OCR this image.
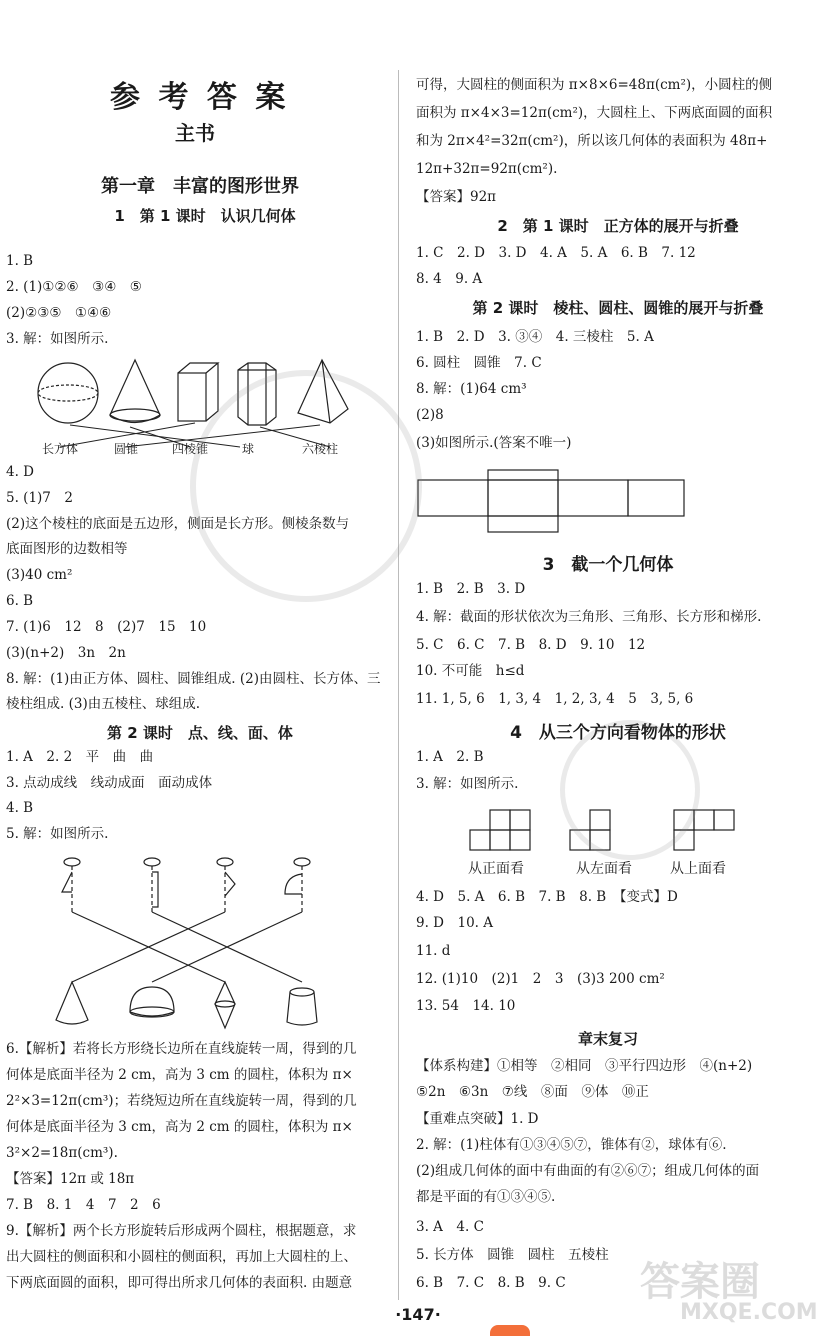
参 考 答 案
主书
第一章　丰富的图形世界
1　第 1 课时　认识几何体
1. B
2. (1)①②⑥　③④　⑤
(2)②③⑤　①④⑥
3. 解：如图所示.
长方体	圆锥	四棱锥	球	六棱柱
4. D
5. (1)7　2
(2)这个棱柱的底面是五边形，侧面是长方形。侧棱条数与
底面图形的边数相等
(3)40 cm²
6. B
7. (1)6　12　8　(2)7　15　10
(3)(n+2)　3n　2n
8. 解：(1)由正方体、圆柱、圆锥组成. (2)由圆柱、长方体、三
棱柱组成. (3)由五棱柱、球组成.
第 2 课时　点、线、面、体
1. A　2. 2　平　曲　曲
3. 点动成线　线动成面　面动成体
4. B
5. 解：如图所示.
6.【解析】若将长方形绕长边所在直线旋转一周，得到的几
何体是底面半径为 2 cm，高为 3 cm 的圆柱，体积为 π×
2²×3=12π(cm³)；若绕短边所在直线旋转一周，得到的几
何体是底面半径为 3 cm，高为 2 cm 的圆柱，体积为 π×
3²×2=18π(cm³).
【答案】12π 或 18π
7. B　8. 1　4　7　2　6
9.【解析】两个长方形旋转后形成两个圆柱，根据题意，求
出大圆柱的侧面积和小圆柱的侧面积，再加上大圆柱的上、
下两底面圆的面积，即可得出所求几何体的表面积. 由题意
可得，大圆柱的侧面积为 π×8×6=48π(cm²)，小圆柱的侧
面积为 π×4×3=12π(cm²)，大圆柱上、下两底面圆的面积
和为 2π×4²=32π(cm²)，所以该几何体的表面积为 48π+
12π+32π=92π(cm²).
【答案】92π
2　第 1 课时　正方体的展开与折叠
1. C　2. D　3. D　4. A　5. A　6. B　7. 12
8. 4　9. A
第 2 课时　棱柱、圆柱、圆锥的展开与折叠
1. B　2. D　3. ③④　4. 三棱柱　5. A
6. 圆柱　圆锥　7. C
8. 解：(1)64 cm³
(2)8
(3)如图所示.(答案不唯一)
3　截一个几何体
1. B　2. B　3. D
4. 解：截面的形状依次为三角形、三角形、长方形和梯形.
5. C　6. C　7. B　8. D　9. 10　12
10. 不可能　h≤d
11. 1, 5, 6　1, 3, 4　1, 2, 3, 4　5　3, 5, 6
4　从三个方向看物体的形状
1. A　2. B
3. 解：如图所示.
从正面看	从左面看	从上面看
4. D　5. A　6. B　7. B　8. B　【变式】D
9. D　10. A
11. d
12. (1)10　(2)1　2　3　(3)3 200 cm²
13. 54　14. 10
章末复习
【体系构建】①相等　②相同　③平行四边形　④(n+2)
⑤2n　⑥3n　⑦线　⑧面　⑨体　⑩正
【重难点突破】1. D
2. 解：(1)柱体有①③④⑤⑦，锥体有②，球体有⑥.
(2)组成几何体的面中有曲面的有②⑥⑦；组成几何体的面
都是平面的有①③④⑤.
3. A　4. C
5. 长方体　圆锥　圆柱　五棱柱
6. B　7. C　8. B　9. C 答案圈
MXQE.COM
·147·
